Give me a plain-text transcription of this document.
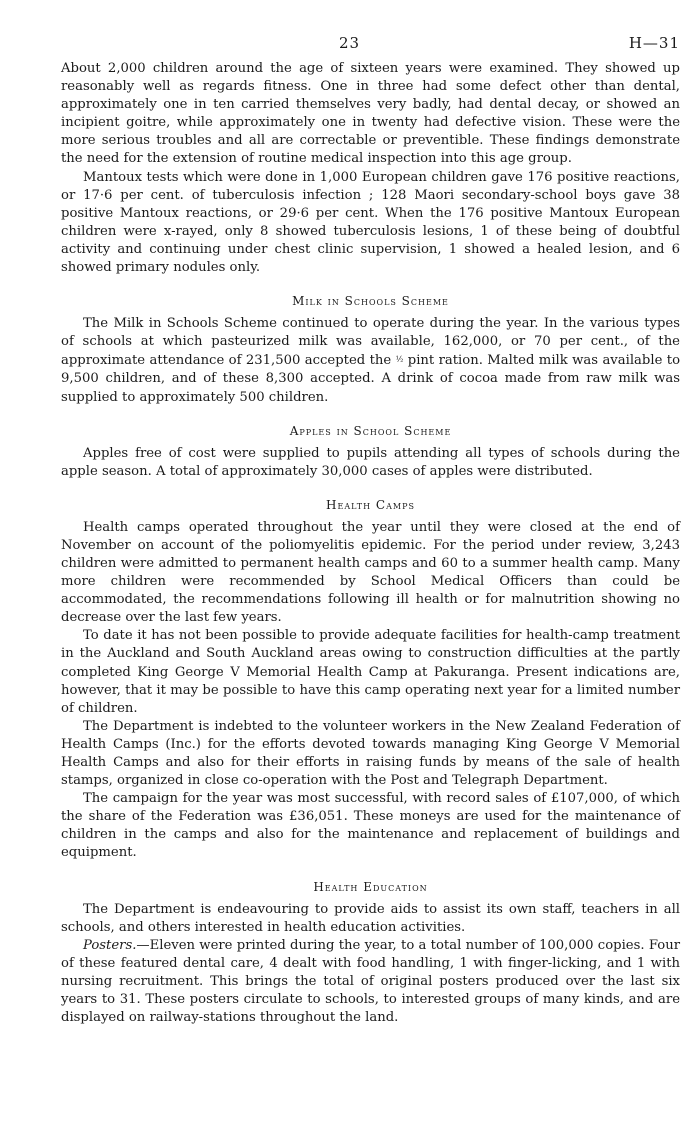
23	H—31

About 2,000 children around the age of sixteen years were examined. They showed up reasonably well as regards fitness. One in three had some defect other than dental, approximately one in ten carried themselves very badly, had dental decay, or showed an incipient goitre, while approximately one in twenty had defective vision. These were the more serious troubles and all are correctable or preventible. These findings demonstrate the need for the extension of routine medical inspection into this age group.

Mantoux tests which were done in 1,000 European children gave 176 positive reactions, or 17·6 per cent. of tuberculosis infection ; 128 Maori secondary-school boys gave 38 positive Mantoux reactions, or 29·6 per cent. When the 176 positive Mantoux European children were x-rayed, only 8 showed tuberculosis lesions, 1 of these being of doubtful activity and continuing under chest clinic supervision, 1 showed a healed lesion, and 6 showed primary nodules only.

Milk in Schools Scheme

The Milk in Schools Scheme continued to operate during the year. In the various types of schools at which pasteurized milk was available, 162,000, or 70 per cent., of the approximate attendance of 231,500 accepted the ½ pint ration. Malted milk was available to 9,500 children, and of these 8,300 accepted. A drink of cocoa made from raw milk was supplied to approximately 500 children.

Apples in School Scheme

Apples free of cost were supplied to pupils attending all types of schools during the apple season. A total of approximately 30,000 cases of apples were distributed.

Health Camps

Health camps operated throughout the year until they were closed at the end of November on account of the poliomyelitis epidemic. For the period under review, 3,243 children were admitted to permanent health camps and 60 to a summer health camp. Many more children were recommended by School Medical Officers than could be accommodated, the recommendations following ill health or for malnutrition showing no decrease over the last few years.

To date it has not been possible to provide adequate facilities for health-camp treatment in the Auckland and South Auckland areas owing to construction difficulties at the partly completed King George V Memorial Health Camp at Pakuranga. Present indications are, however, that it may be possible to have this camp operating next year for a limited number of children.

The Department is indebted to the volunteer workers in the New Zealand Federation of Health Camps (Inc.) for the efforts devoted towards managing King George V Memorial Health Camps and also for their efforts in raising funds by means of the sale of health stamps, organized in close co-operation with the Post and Telegraph Department.

The campaign for the year was most successful, with record sales of £107,000, of which the share of the Federation was £36,051. These moneys are used for the maintenance of children in the camps and also for the maintenance and replacement of buildings and equipment.

Health Education

The Department is endeavouring to provide aids to assist its own staff, teachers in all schools, and others interested in health education activities.

Posters.—Eleven were printed during the year, to a total number of 100,000 copies. Four of these featured dental care, 4 dealt with food handling, 1 with finger-licking, and 1 with nursing recruitment. This brings the total of original posters produced over the last six years to 31. These posters circulate to schools, to interested groups of many kinds, and are displayed on railway-stations throughout the land.
